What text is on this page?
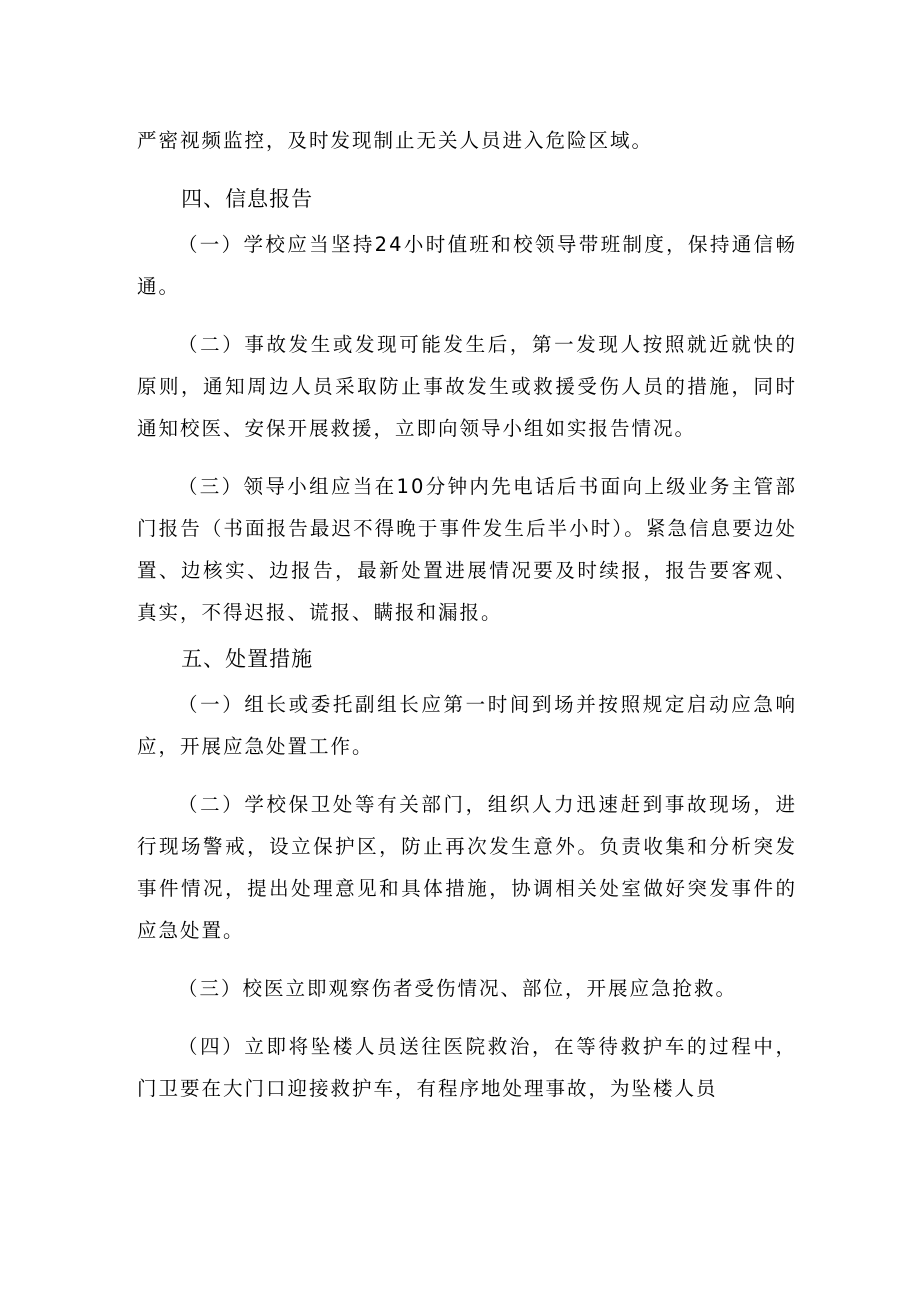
严密视频监控，及时发现制止无关人员进入危险区域。

四、信息报告

（一）学校应当坚持24小时值班和校领导带班制度，保持通信畅通。

（二）事故发生或发现可能发生后，第一发现人按照就近就快的原则，通知周边人员采取防止事故发生或救援受伤人员的措施，同时通知校医、安保开展救援，立即向领导小组如实报告情况。

（三）领导小组应当在10分钟内先电话后书面向上级业务主管部门报告（书面报告最迟不得晚于事件发生后半小时）。紧急信息要边处置、边核实、边报告，最新处置进展情况要及时续报，报告要客观、真实，不得迟报、谎报、瞒报和漏报。

五、处置措施

（一）组长或委托副组长应第一时间到场并按照规定启动应急响应，开展应急处置工作。

（二）学校保卫处等有关部门，组织人力迅速赶到事故现场，进行现场警戒，设立保护区，防止再次发生意外。负责收集和分析突发事件情况，提出处理意见和具体措施，协调相关处室做好突发事件的应急处置。

（三）校医立即观察伤者受伤情况、部位，开展应急抢救。

（四）立即将坠楼人员送往医院救治，在等待救护车的过程中，门卫要在大门口迎接救护车，有程序地处理事故，为坠楼人员
